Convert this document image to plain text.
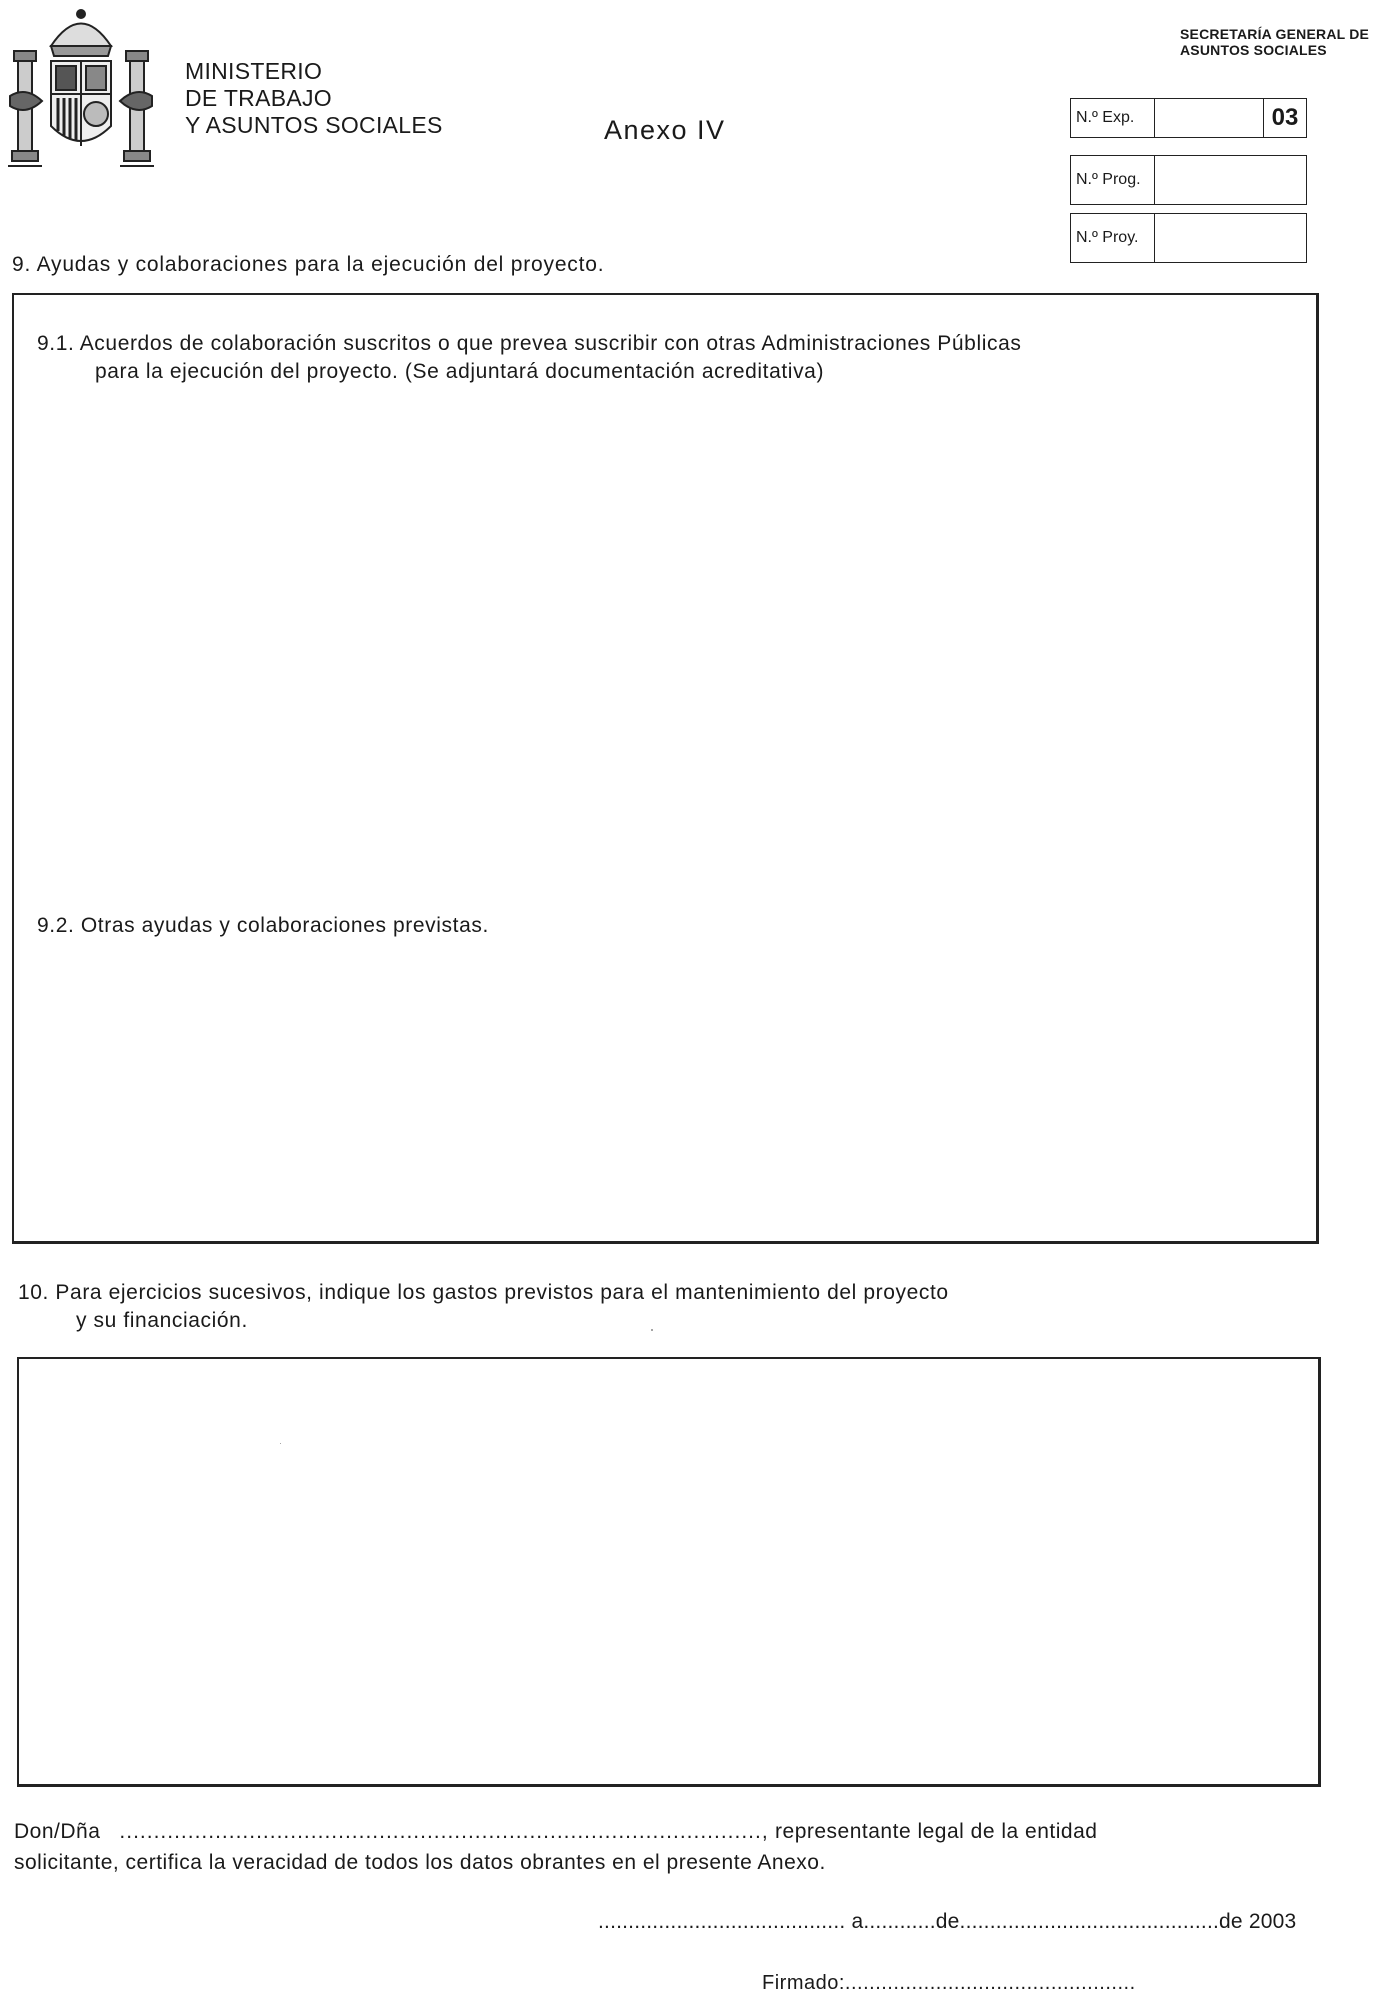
MINISTERIO
DE TRABAJO
Y ASUNTOS SOCIALES	Anexo IV
SECRETARÍA GENERAL DE
ASUNTOS SOCIALES
N.º Exp.	03
N.º Prog.
N.º Proy.
9. Ayudas y colaboraciones para la ejecución del proyecto.
9.1. Acuerdos de colaboración suscritos o que prevea suscribir con otras Administraciones Públicas
para la ejecución del proyecto. (Se adjuntará documentación acreditativa)
9.2. Otras ayudas y colaboraciones previstas.
10. Para ejercicios sucesivos, indique los gastos previstos para el mantenimiento del proyecto
y su financiación.
Don/Dña .............................................................................................., representante legal de la entidad
solicitante, certifica la veracidad de todos los datos obrantes en el presente Anexo.
......................................... a............de...........................................de 2003
Firmado:................................................
